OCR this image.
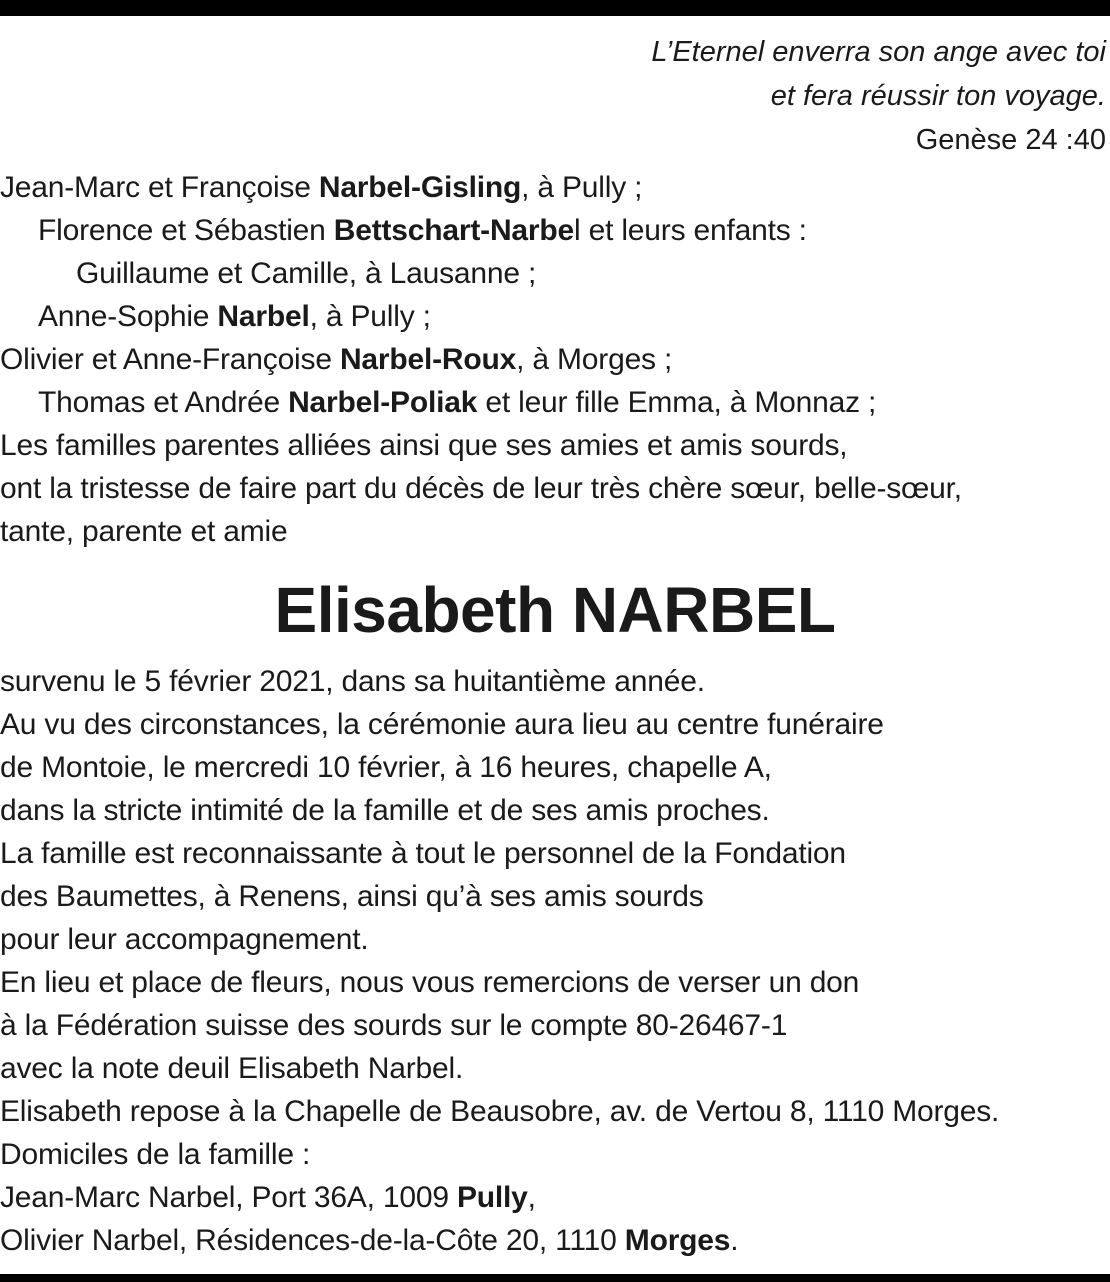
L’Eternel enverra son ange avec toi
et fera réussir ton voyage.
Genèse 24 :40
Jean-Marc et Françoise Narbel-Gisling, à Pully ;
Florence et Sébastien Bettschart-Narbel et leurs enfants :
Guillaume et Camille, à Lausanne ;
Anne-Sophie Narbel, à Pully ;
Olivier et Anne-Françoise Narbel-Roux, à Morges ;
Thomas et Andrée Narbel-Poliak et leur fille Emma, à Monnaz ;
Les familles parentes alliées ainsi que ses amies et amis sourds,
ont la tristesse de faire part du décès de leur très chère sœur, belle-sœur,
tante, parente et amie
Elisabeth NARBEL
survenu le 5 février 2021, dans sa huitantième année.
Au vu des circonstances, la cérémonie aura lieu au centre funéraire
de Montoie, le mercredi 10 février, à 16 heures, chapelle A,
dans la stricte intimité de la famille et de ses amis proches.
La famille est reconnaissante à tout le personnel de la Fondation
des Baumettes, à Renens, ainsi qu’à ses amis sourds
pour leur accompagnement.
En lieu et place de fleurs, nous vous remercions de verser un don
à la Fédération suisse des sourds sur le compte 80-26467-1
avec la note deuil Elisabeth Narbel.
Elisabeth repose à la Chapelle de Beausobre, av. de Vertou 8, 1110 Morges.
Domiciles de la famille :
Jean-Marc Narbel, Port 36A, 1009 Pully,
Olivier Narbel, Résidences-de-la-Côte 20, 1110 Morges.
